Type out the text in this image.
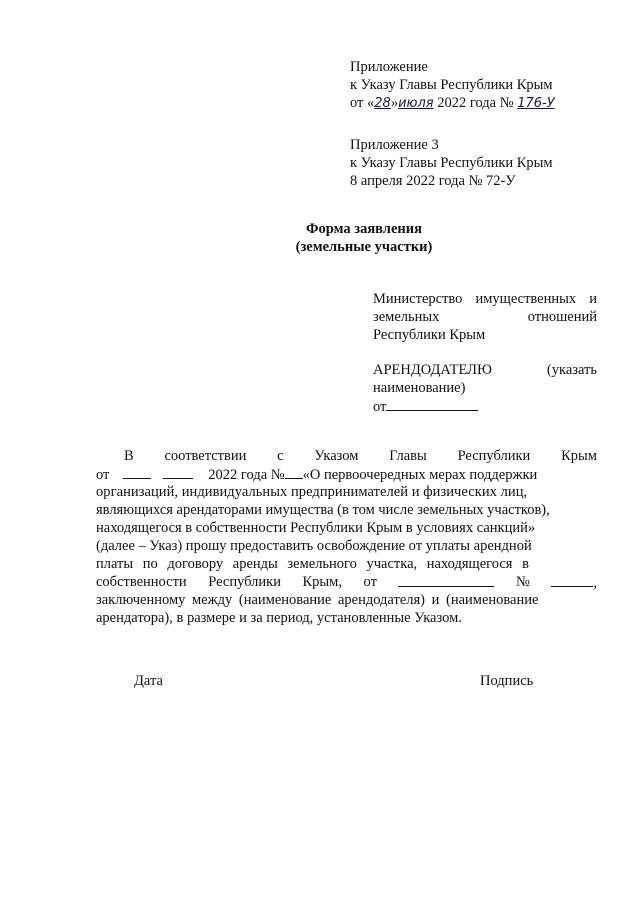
Приложение
к Указу Главы Республики Крым
от «28»июля 2022 года № 176-У
Приложение 3
к Указу Главы Республики Крым
8 апреля 2022 года № 72-У
Форма заявления
(земельные участки)
Министерство имущественных и
земельных	отношений
Республики Крым
АРЕНДОДАТЕЛЮ	(указать
наименование)
от
В соответствии с Указом Главы Республики Крым
от	2022 года № «О первоочередных мерах поддержки
организаций, индивидуальных предпринимателей и физических лиц,
являющихся арендаторами имущества (в том числе земельных участков),
находящегося в собственности Республики Крым в условиях санкций»
(далее – Указ) прошу предоставить освобождение от уплаты арендной
платы по договору аренды земельного участка, находящегося в
собственности Республики Крым, от	№	,
заключенному между (наименование арендодателя) и (наименование
арендатора), в размере и за период, установленные Указом.
Дата	Подпись
